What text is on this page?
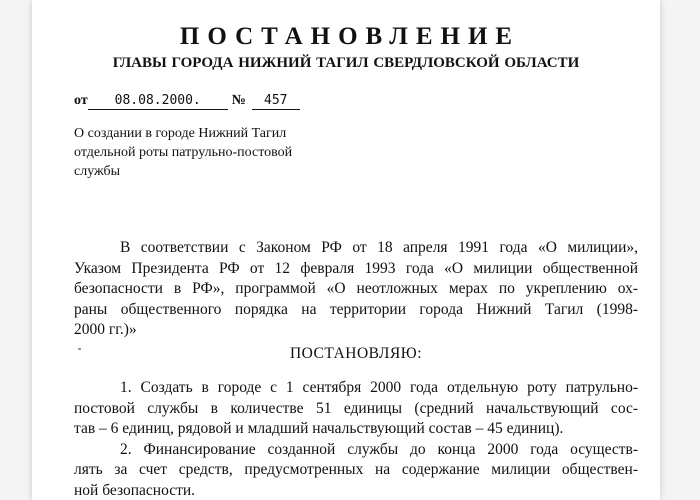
ПОСТАНОВЛЕНИЕ
ГЛАВЫ ГОРОДА НИЖНИЙ ТАГИЛ СВЕРДЛОВСКОЙ ОБЛАСТИ
от 08.08.2000. № 457
О создании в городе Нижний Тагил
отдельной роты патрульно-постовой
службы
В соответствии с Законом РФ от 18 апреля 1991 года «О милиции»,
Указом Президента РФ от 12 февраля 1993 года «О милиции общественной
безопасности в РФ», программой «О неотложных мерах по укреплению ох-
раны общественного порядка на территории города Нижний Тагил (1998-
2000 гг.)»
ПОСТАНОВЛЯЮ:
1. Создать в городе с 1 сентября 2000 года отдельную роту патрульно-
постовой службы в количестве 51 единицы (средний начальствующий сос-
тав – 6 единиц, рядовой и младший начальствующий состав – 45 единиц).
2. Финансирование созданной службы до конца 2000 года осуществ-
лять за счет средств, предусмотренных на содержание милиции обществен-
ной безопасности.
